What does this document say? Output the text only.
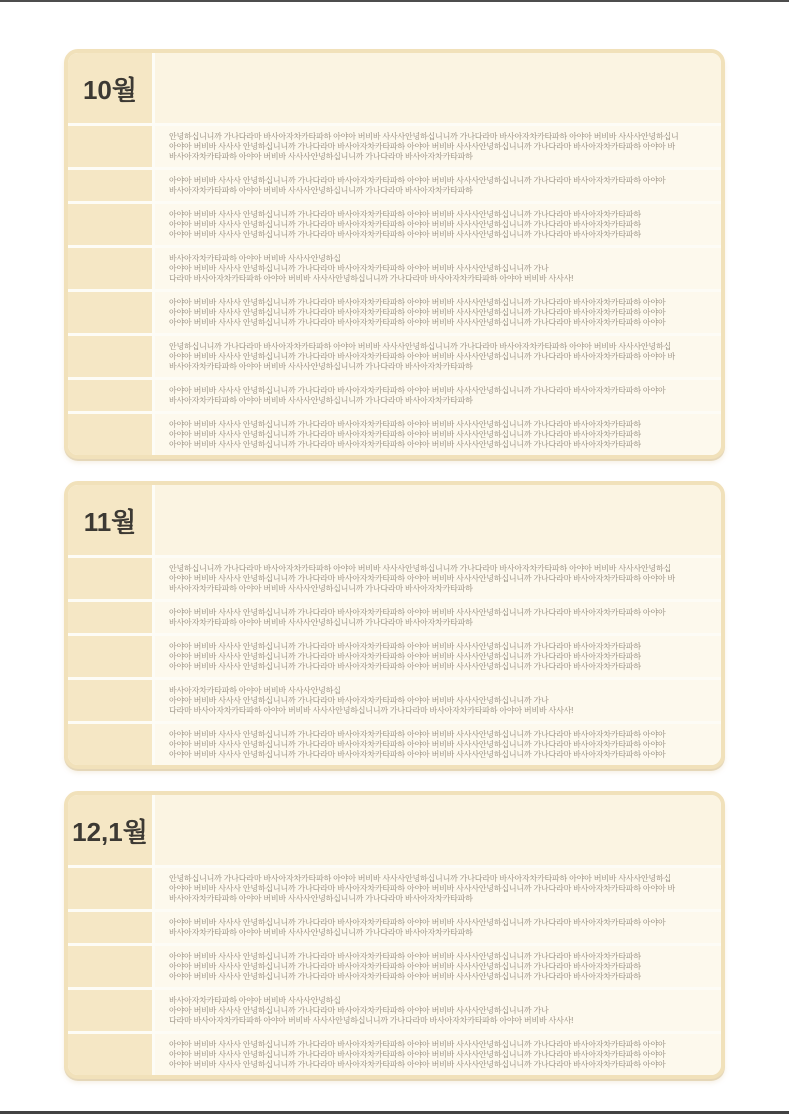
10월
안녕하십니니까 가나다라마 바사아자차카타파하 아야아 버비바 사사사안녕하십니니까 가나다라마 바사아자차카타파하 아야아 버비바 사사사안녕하십니
아야아 버비바 사사사 안녕하십니니까 가나다라마 바사아자차카타파하 아야아 버비바 사사사안녕하십니니까 가나다라마 바사아자차카타파하 아야아 바
바사아자차카타파하 아야아 버비바 사사사안녕하십니니까 가나다라마 바사아자차카타파하
아야아 버비바 사사사 안녕하십니니까 가나다라마 바사아자차카타파하 아야아 버비바 사사사안녕하십니니까 가나다라마 바사아자차카타파하 아야아
바사아자차카타파하 아야아 버비바 사사사안녕하십니니까 가나다라마 바사아자차카타파하
아야아 버비바 사사사 안녕하십니니까 가나다라마 바사아자차카타파하 아야아 버비바 사사사안녕하십니니까 가나다라마 바사아자차카타파하
아야아 버비바 사사사 안녕하십니니까 가나다라마 바사아자차카타파하 아야아 버비바 사사사안녕하십니니까 가나다라마 바사아자차카타파하
아야아 버비바 사사사 안녕하십니니까 가나다라마 바사아자차카타파하 아야아 버비바 사사사안녕하십니니까 가나다라마 바사아자차카타파하
바사아자차카타파하 아야아 버비바 사사사안녕하십
아야아 버비바 사사사 안녕하십니니까 가나다라마 바사아자차카타파하 아야아 버비바 사사사안녕하십니니까 가나
다라마 바사아자차카타파하 아야아 버비바 사사사안녕하십니니까 가나다라마 바사아자차카타파하 아야아 버비바 사사사!
아야아 버비바 사사사 안녕하십니니까 가나다라마 바사아자차카타파하 아야아 버비바 사사사안녕하십니니까 가나다라마 바사아자차카타파하 아야아
아야아 버비바 사사사 안녕하십니니까 가나다라마 바사아자차카타파하 아야아 버비바 사사사안녕하십니니까 가나다라마 바사아자차카타파하 아야아
아야아 버비바 사사사 안녕하십니니까 가나다라마 바사아자차카타파하 아야아 버비바 사사사안녕하십니니까 가나다라마 바사아자차카타파하 아야아
안녕하십니니까 가나다라마 바사아자차카타파하 아야아 버비바 사사사안녕하십니니까 가나다라마 바사아자차카타파하 아야아 버비바 사사사안녕하십
아야아 버비바 사사사 안녕하십니니까 가나다라마 바사아자차카타파하 아야아 버비바 사사사안녕하십니니까 가나다라마 바사아자차카타파하 아야아 바
바사아자차카타파하 아야아 버비바 사사사안녕하십니니까 가나다라마 바사아자차카타파하
아야아 버비바 사사사 안녕하십니니까 가나다라마 바사아자차카타파하 아야아 버비바 사사사안녕하십니니까 가나다라마 바사아자차카타파하 아야아
바사아자차카타파하 아야아 버비바 사사사안녕하십니니까 가나다라마 바사아자차카타파하
아야아 버비바 사사사 안녕하십니니까 가나다라마 바사아자차카타파하 아야아 버비바 사사사안녕하십니니까 가나다라마 바사아자차카타파하
아야아 버비바 사사사 안녕하십니니까 가나다라마 바사아자차카타파하 아야아 버비바 사사사안녕하십니니까 가나다라마 바사아자차카타파하
아야아 버비바 사사사 안녕하십니니까 가나다라마 바사아자차카타파하 아야아 버비바 사사사안녕하십니니까 가나다라마 바사아자차카타파하
11월
안녕하십니니까 가나다라마 바사아자차카타파하 아야아 버비바 사사사안녕하십니니까 가나다라마 바사아자차카타파하 아야아 버비바 사사사안녕하십
아야아 버비바 사사사 안녕하십니니까 가나다라마 바사아자차카타파하 아야아 버비바 사사사안녕하십니니까 가나다라마 바사아자차카타파하 아야아 바
바사아자차카타파하 아야아 버비바 사사사안녕하십니니까 가나다라마 바사아자차카타파하
아야아 버비바 사사사 안녕하십니니까 가나다라마 바사아자차카타파하 아야아 버비바 사사사안녕하십니니까 가나다라마 바사아자차카타파하 아야아
바사아자차카타파하 아야아 버비바 사사사안녕하십니니까 가나다라마 바사아자차카타파하
아야아 버비바 사사사 안녕하십니니까 가나다라마 바사아자차카타파하 아야아 버비바 사사사안녕하십니니까 가나다라마 바사아자차카타파하
아야아 버비바 사사사 안녕하십니니까 가나다라마 바사아자차카타파하 아야아 버비바 사사사안녕하십니니까 가나다라마 바사아자차카타파하
아야아 버비바 사사사 안녕하십니니까 가나다라마 바사아자차카타파하 아야아 버비바 사사사안녕하십니니까 가나다라마 바사아자차카타파하
바사아자차카타파하 아야아 버비바 사사사안녕하십
아야아 버비바 사사사 안녕하십니니까 가나다라마 바사아자차카타파하 아야아 버비바 사사사안녕하십니니까 가나
다라마 바사아자차카타파하 아야아 버비바 사사사안녕하십니니까 가나다라마 바사아자차카타파하 아야아 버비바 사사사!
아야아 버비바 사사사 안녕하십니니까 가나다라마 바사아자차카타파하 아야아 버비바 사사사안녕하십니니까 가나다라마 바사아자차카타파하 아야아
아야아 버비바 사사사 안녕하십니니까 가나다라마 바사아자차카타파하 아야아 버비바 사사사안녕하십니니까 가나다라마 바사아자차카타파하 아야아
아야아 버비바 사사사 안녕하십니니까 가나다라마 바사아자차카타파하 아야아 버비바 사사사안녕하십니니까 가나다라마 바사아자차카타파하 아야아
12,1월
안녕하십니니까 가나다라마 바사아자차카타파하 아야아 버비바 사사사안녕하십니니까 가나다라마 바사아자차카타파하 아야아 버비바 사사사안녕하십
아야아 버비바 사사사 안녕하십니니까 가나다라마 바사아자차카타파하 아야아 버비바 사사사안녕하십니니까 가나다라마 바사아자차카타파하 아야아 바
바사아자차카타파하 아야아 버비바 사사사안녕하십니니까 가나다라마 바사아자차카타파하
아야아 버비바 사사사 안녕하십니니까 가나다라마 바사아자차카타파하 아야아 버비바 사사사안녕하십니니까 가나다라마 바사아자차카타파하 아야아
바사아자차카타파하 아야아 버비바 사사사안녕하십니니까 가나다라마 바사아자차카타파하
아야아 버비바 사사사 안녕하십니니까 가나다라마 바사아자차카타파하 아야아 버비바 사사사안녕하십니니까 가나다라마 바사아자차카타파하
아야아 버비바 사사사 안녕하십니니까 가나다라마 바사아자차카타파하 아야아 버비바 사사사안녕하십니니까 가나다라마 바사아자차카타파하
아야아 버비바 사사사 안녕하십니니까 가나다라마 바사아자차카타파하 아야아 버비바 사사사안녕하십니니까 가나다라마 바사아자차카타파하
바사아자차카타파하 아야아 버비바 사사사안녕하십
아야아 버비바 사사사 안녕하십니니까 가나다라마 바사아자차카타파하 아야아 버비바 사사사안녕하십니니까 가나
다라마 바사아자차카타파하 아야아 버비바 사사사안녕하십니니까 가나다라마 바사아자차카타파하 아야아 버비바 사사사!
아야아 버비바 사사사 안녕하십니니까 가나다라마 바사아자차카타파하 아야아 버비바 사사사안녕하십니니까 가나다라마 바사아자차카타파하 아야아
아야아 버비바 사사사 안녕하십니니까 가나다라마 바사아자차카타파하 아야아 버비바 사사사안녕하십니니까 가나다라마 바사아자차카타파하 아야아
아야아 버비바 사사사 안녕하십니니까 가나다라마 바사아자차카타파하 아야아 버비바 사사사안녕하십니니까 가나다라마 바사아자차카타파하 아야아
